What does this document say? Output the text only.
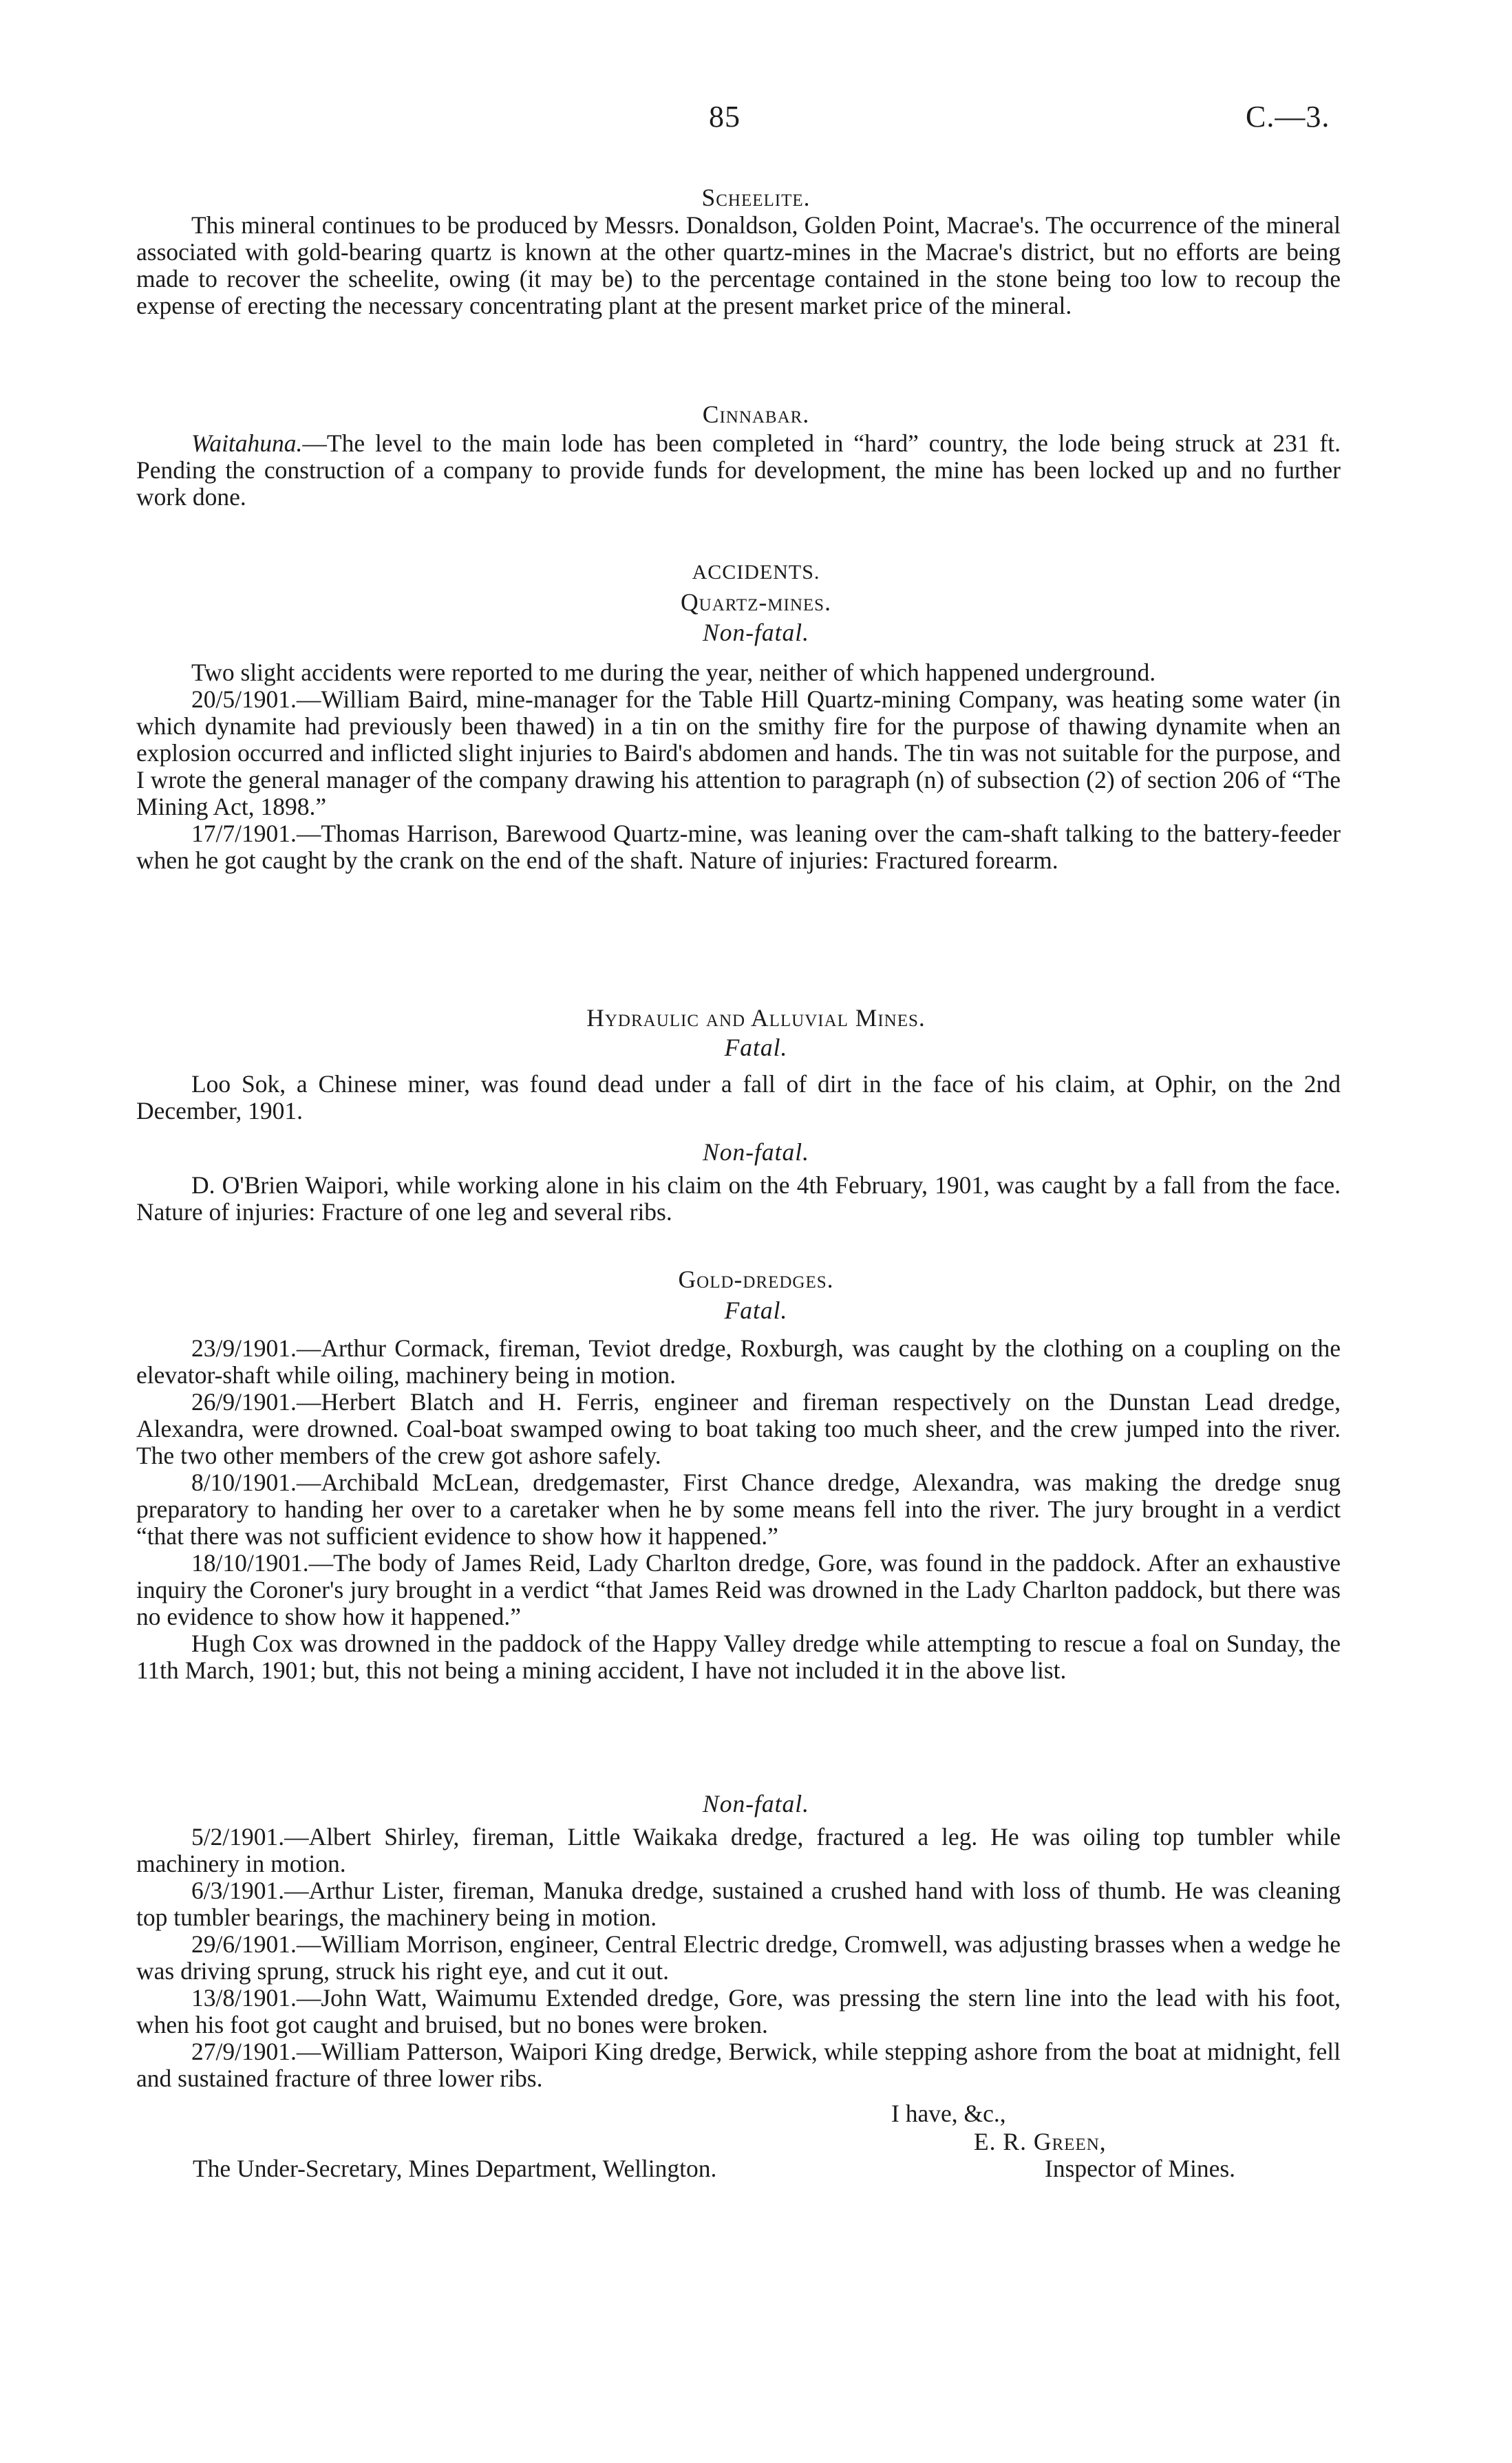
85	C.—3.
Scheelite.

This mineral continues to be produced by Messrs. Donaldson, Golden Point, Macrae's. The occurrence of the mineral associated with gold-bearing quartz is known at the other quartz-mines in the Macrae's district, but no efforts are being made to recover the scheelite, owing (it may be) to the percentage contained in the stone being too low to recoup the expense of erecting the necessary concentrating plant at the present market price of the mineral.

Cinnabar.

Waitahuna.—The level to the main lode has been completed in “hard” country, the lode being struck at 231 ft. Pending the construction of a company to provide funds for development, the mine has been locked up and no further work done.

ACCIDENTS.
Quartz-mines.
Non-fatal.

Two slight accidents were reported to me during the year, neither of which happened underground.

20/5/1901.—William Baird, mine-manager for the Table Hill Quartz-mining Company, was heating some water (in which dynamite had previously been thawed) in a tin on the smithy fire for the purpose of thawing dynamite when an explosion occurred and inflicted slight injuries to Baird's abdomen and hands. The tin was not suitable for the purpose, and I wrote the general manager of the company drawing his attention to paragraph (n) of subsection (2) of section 206 of “The Mining Act, 1898.”

17/7/1901.—Thomas Harrison, Barewood Quartz-mine, was leaning over the cam-shaft talking to the battery-feeder when he got caught by the crank on the end of the shaft. Nature of injuries: Fractured forearm.

Hydraulic and Alluvial Mines.
Fatal.

Loo Sok, a Chinese miner, was found dead under a fall of dirt in the face of his claim, at Ophir, on the 2nd December, 1901.

Non-fatal.

D. O'Brien Waipori, while working alone in his claim on the 4th February, 1901, was caught by a fall from the face. Nature of injuries: Fracture of one leg and several ribs.

Gold-dredges.
Fatal.

23/9/1901.—Arthur Cormack, fireman, Teviot dredge, Roxburgh, was caught by the clothing on a coupling on the elevator-shaft while oiling, machinery being in motion.

26/9/1901.—Herbert Blatch and H. Ferris, engineer and fireman respectively on the Dunstan Lead dredge, Alexandra, were drowned. Coal-boat swamped owing to boat taking too much sheer, and the crew jumped into the river. The two other members of the crew got ashore safely.

8/10/1901.—Archibald McLean, dredgemaster, First Chance dredge, Alexandra, was making the dredge snug preparatory to handing her over to a caretaker when he by some means fell into the river. The jury brought in a verdict “that there was not sufficient evidence to show how it happened.”

18/10/1901.—The body of James Reid, Lady Charlton dredge, Gore, was found in the paddock. After an exhaustive inquiry the Coroner's jury brought in a verdict “that James Reid was drowned in the Lady Charlton paddock, but there was no evidence to show how it happened.”

Hugh Cox was drowned in the paddock of the Happy Valley dredge while attempting to rescue a foal on Sunday, the 11th March, 1901; but, this not being a mining accident, I have not included it in the above list.

Non-fatal.

5/2/1901.—Albert Shirley, fireman, Little Waikaka dredge, fractured a leg. He was oiling top tumbler while machinery in motion.

6/3/1901.—Arthur Lister, fireman, Manuka dredge, sustained a crushed hand with loss of thumb. He was cleaning top tumbler bearings, the machinery being in motion.

29/6/1901.—William Morrison, engineer, Central Electric dredge, Cromwell, was adjusting brasses when a wedge he was driving sprung, struck his right eye, and cut it out.

13/8/1901.—John Watt, Waimumu Extended dredge, Gore, was pressing the stern line into the lead with his foot, when his foot got caught and bruised, but no bones were broken.

27/9/1901.—William Patterson, Waipori King dredge, Berwick, while stepping ashore from the boat at midnight, fell and sustained fracture of three lower ribs.

I have, &c.,
E. R. Green,
The Under-Secretary, Mines Department, Wellington.	Inspector of Mines.
